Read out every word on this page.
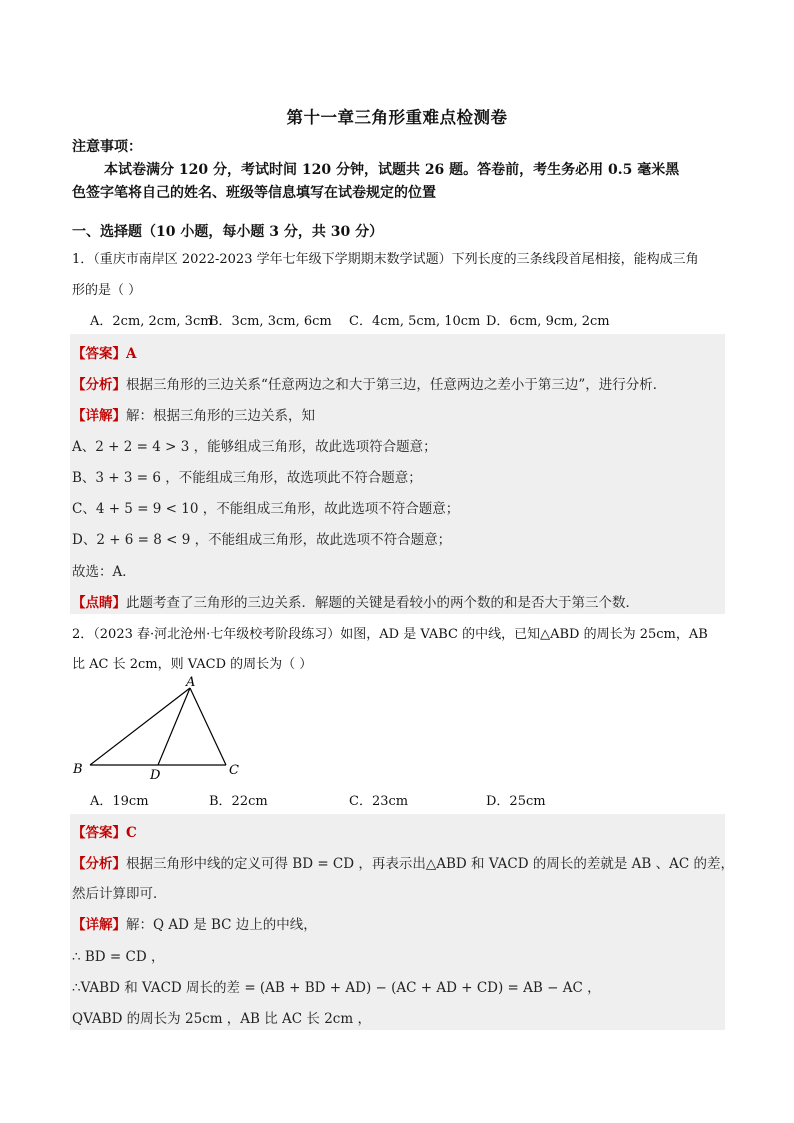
第十一章三角形重难点检测卷
注意事项：
本试卷满分 120 分，考试时间 120 分钟，试题共 26 题。答卷前，考生务必用 0.5 毫米黑
色签字笔将自己的姓名、班级等信息填写在试卷规定的位置
一、选择题（10 小题，每小题 3 分，共 30 分）
1．（重庆市南岸区 2022-2023 学年七年级下学期期末数学试题）下列长度的三条线段首尾相接，能构成三角
形的是（ ）
A．2cm, 2cm, 3cm
B．3cm, 3cm, 6cm C．4cm, 5cm, 10cm D．6cm, 9cm, 2cm
【答案】A
【分析】根据三角形的三边关系“任意两边之和大于第三边，任意两边之差小于第三边”，进行分析．
【详解】解：根据三角形的三边关系，知
A、2 + 2 = 4 > 3 ，能够组成三角形，故此选项符合题意；
B、3 + 3 = 6 ，不能组成三角形，故选项此不符合题意；
C、4 + 5 = 9 < 10 ，不能组成三角形，故此选项不符合题意；
D、2 + 6 = 8 < 9 ，不能组成三角形，故此选项不符合题意；
故选：A．
【点睛】此题考查了三角形的三边关系．解题的关键是看较小的两个数的和是否大于第三个数．
2．（2023 春·河北沧州·七年级校考阶段练习）如图，AD 是 VABC 的中线，已知△ABD 的周长为 25cm，AB
比 AC 长 2cm，则 VACD 的周长为（ ）
A
B	C
D
A．19cm	B．22cm	C．23cm	D．25cm
【答案】C
【分析】根据三角形中线的定义可得 BD = CD ，再表示出△ABD 和 VACD 的周长的差就是 AB 、AC 的差，
然后计算即可．
【详解】解：Q AD 是 BC 边上的中线，
∴ BD = CD ，
∴VABD 和 VACD 周长的差 = (AB + BD + AD) − (AC + AD + CD) = AB − AC ，
QVABD 的周长为 25cm ，AB 比 AC 长 2cm ，
